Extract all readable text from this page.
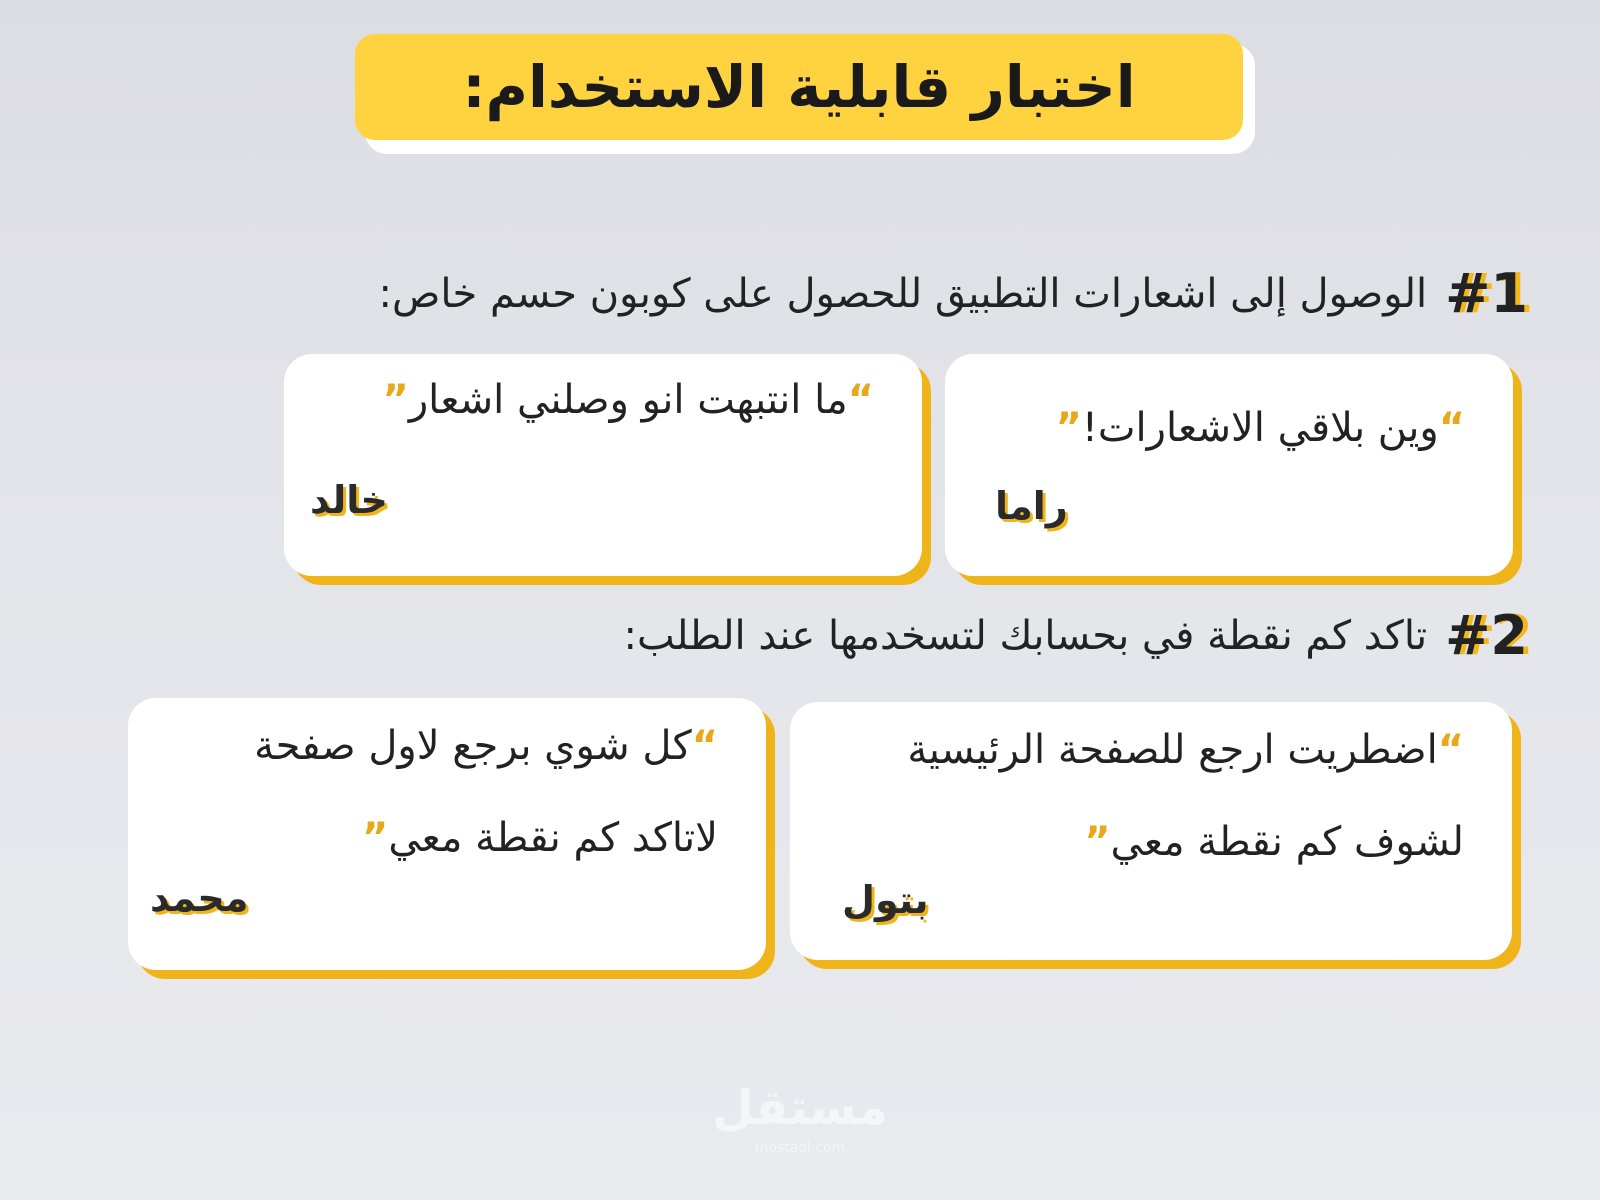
اختبار قابلية الاستخدام:
#1
الوصول إلى اشعارات التطبيق للحصول على كوبون حسم خاص:
“وين بلاقي الاشعارات!”
راما
“ما انتبهت انو وصلني اشعار”
خالد
#2
تاكد كم نقطة في بحسابك لتسخدمها عند الطلب:
“اضطريت ارجع للصفحة الرئيسية
لشوف كم نقطة معي”
بتول
“كل شوي برجع لاول صفحة
لاتاكد كم نقطة معي”
محمد
مستقل
mostaql.com
